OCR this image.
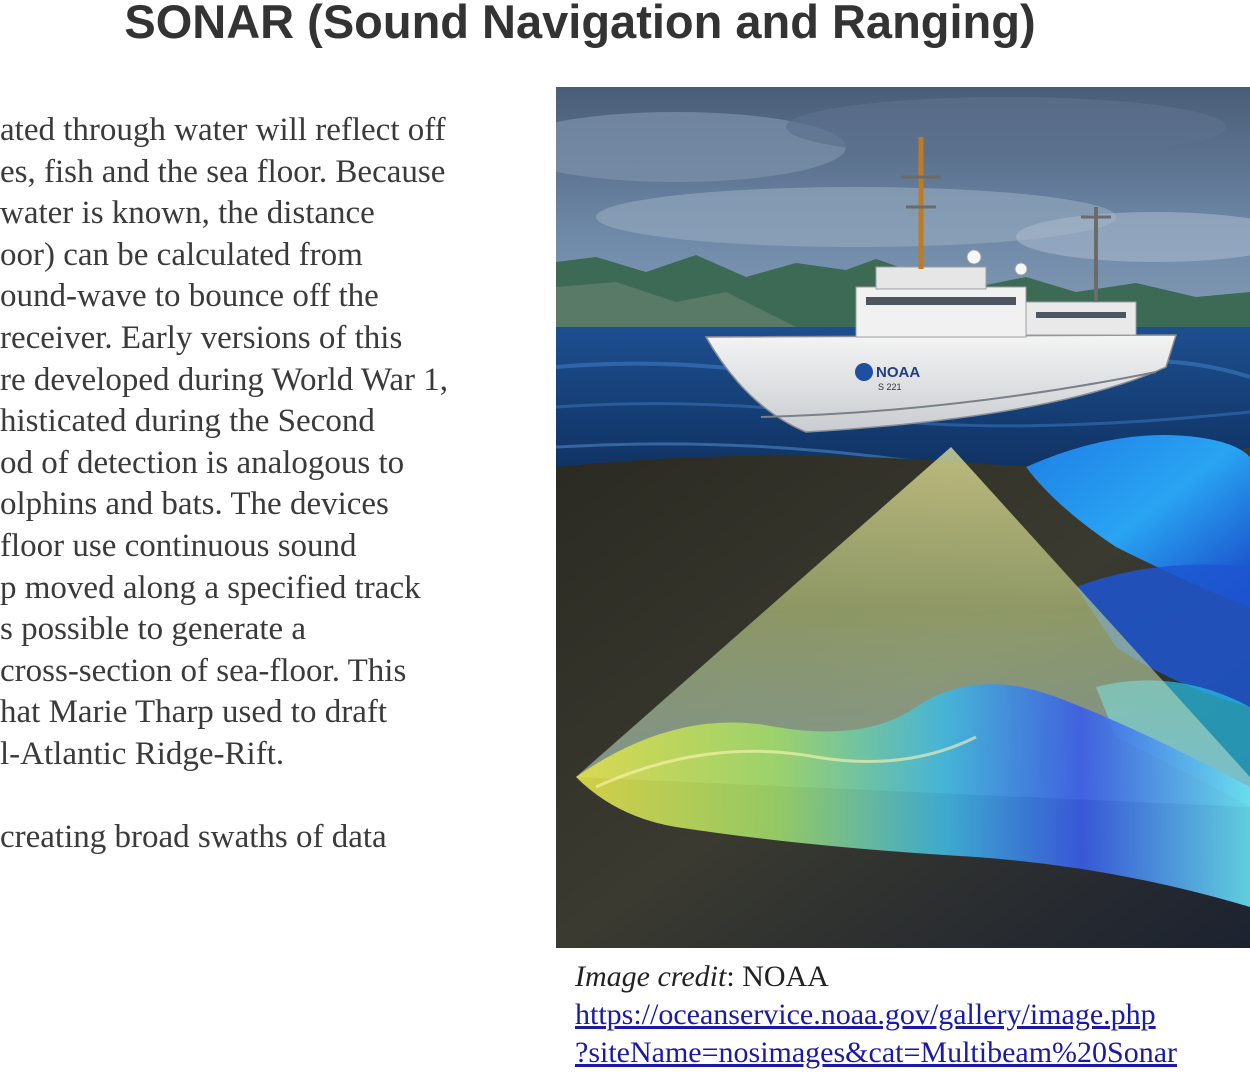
SONAR (Sound Navigation and Ranging)
ated through water will reflect off
es, fish and the sea floor. Because
water is known, the distance
oor) can be calculated from
ound-wave to bounce off the
receiver. Early versions of this
re developed during World War 1,
histicated during the Second
od of detection is analogous to
olphins and bats. The devices
floor use continuous sound
p moved along a specified track
s possible to generate a
cross-section of sea-floor. This
hat Marie Tharp used to draft
l-Atlantic Ridge-Rift.
creating broad swaths of data
NOAA
S 221
Image credit: NOAA
https://oceanservice.noaa.gov/gallery/image.php
?siteName=nosimages&cat=Multibeam%20Sonar
